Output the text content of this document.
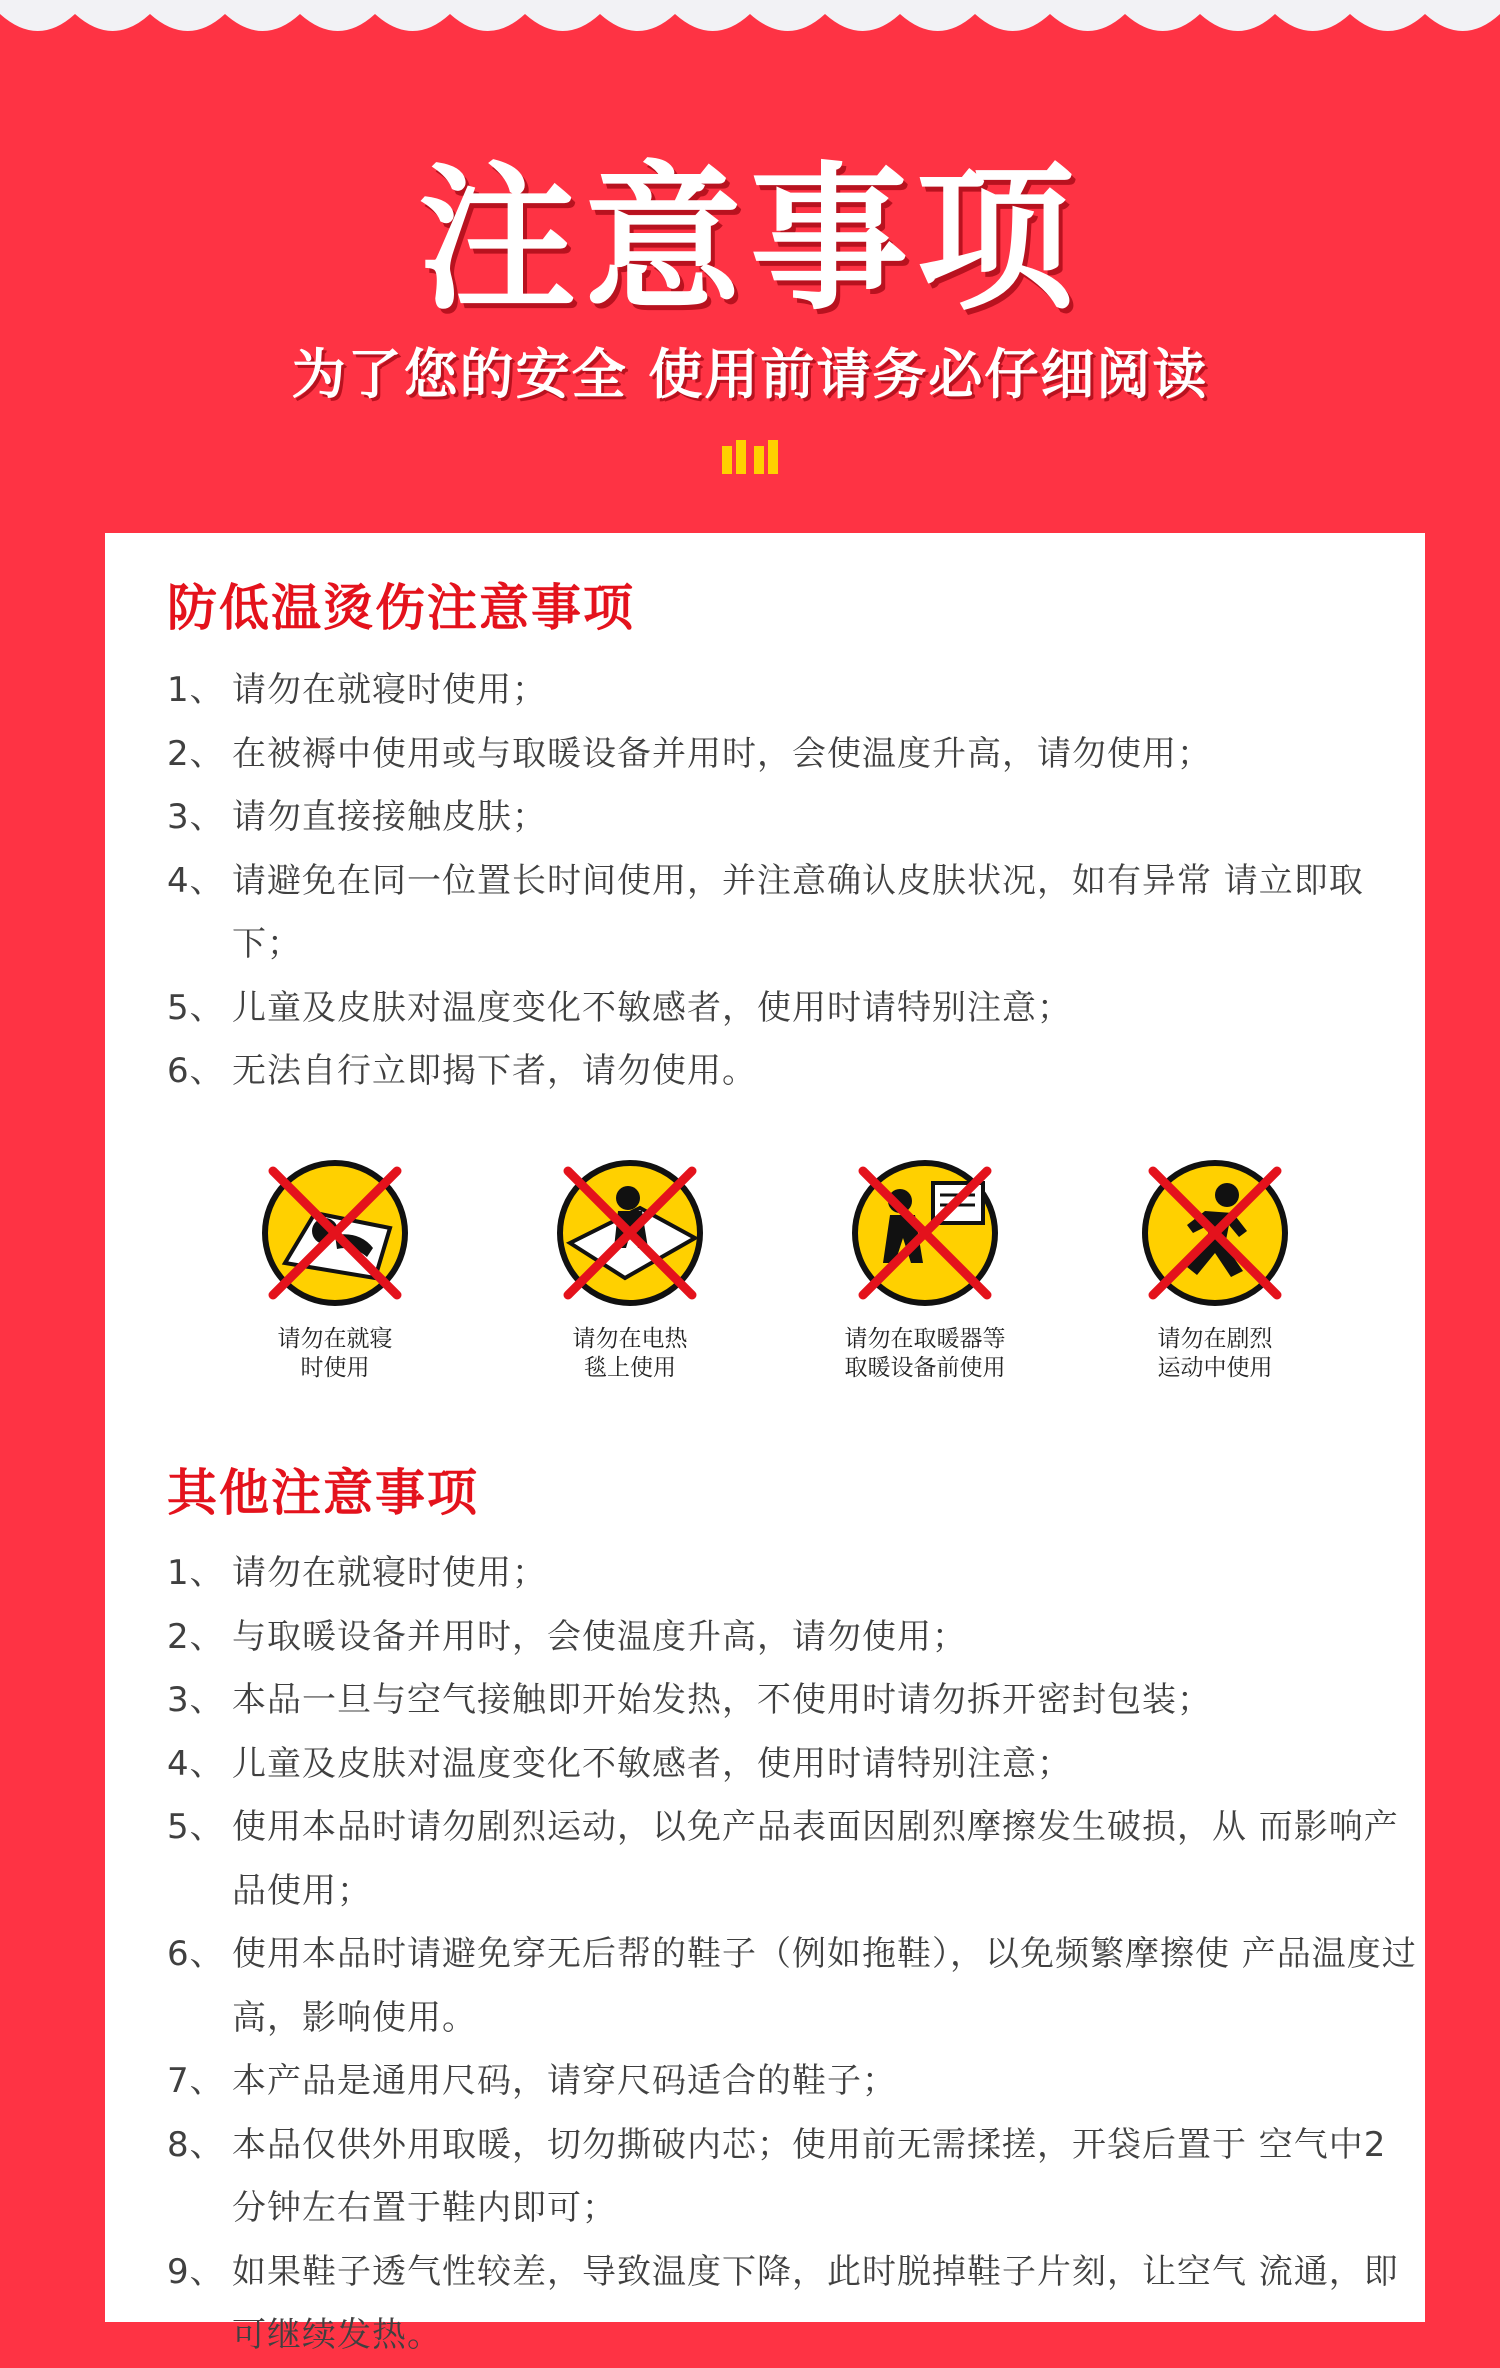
注意事项
为了您的安全 使用前请务必仔细阅读
防低温烫伤注意事项
1、 请勿在就寝时使用；
2、 在被褥中使用或与取暖设备并用时，会使温度升高，请勿使用；
3、 请勿直接接触皮肤；
4、 请避免在同一位置长时间使用，并注意确认皮肤状况，如有异常 请立即取下；
5、 儿童及皮肤对温度变化不敏感者，使用时请特别注意；
6、 无法自行立即揭下者，请勿使用。
请勿在就寝
时使用
请勿在电热
毯上使用
请勿在取暖器等
取暖设备前使用
请勿在剧烈
运动中使用
其他注意事项
1、 请勿在就寝时使用；
2、 与取暖设备并用时，会使温度升高，请勿使用；
3、 本品一旦与空气接触即开始发热，不使用时请勿拆开密封包装；
4、 儿童及皮肤对温度变化不敏感者，使用时请特别注意；
5、 使用本品时请勿剧烈运动，以免产品表面因剧烈摩擦发生破损，从 而影响产品使用；
6、 使用本品时请避免穿无后帮的鞋子（例如拖鞋），以免频繁摩擦使 产品温度过高，影响使用。
7、 本产品是通用尺码，请穿尺码适合的鞋子；
8、 本品仅供外用取暖，切勿撕破内芯；使用前无需揉搓，开袋后置于 空气中2分钟左右置于鞋内即可；
9、 如果鞋子透气性较差，导致温度下降，此时脱掉鞋子片刻，让空气 流通，即可继续发热。
